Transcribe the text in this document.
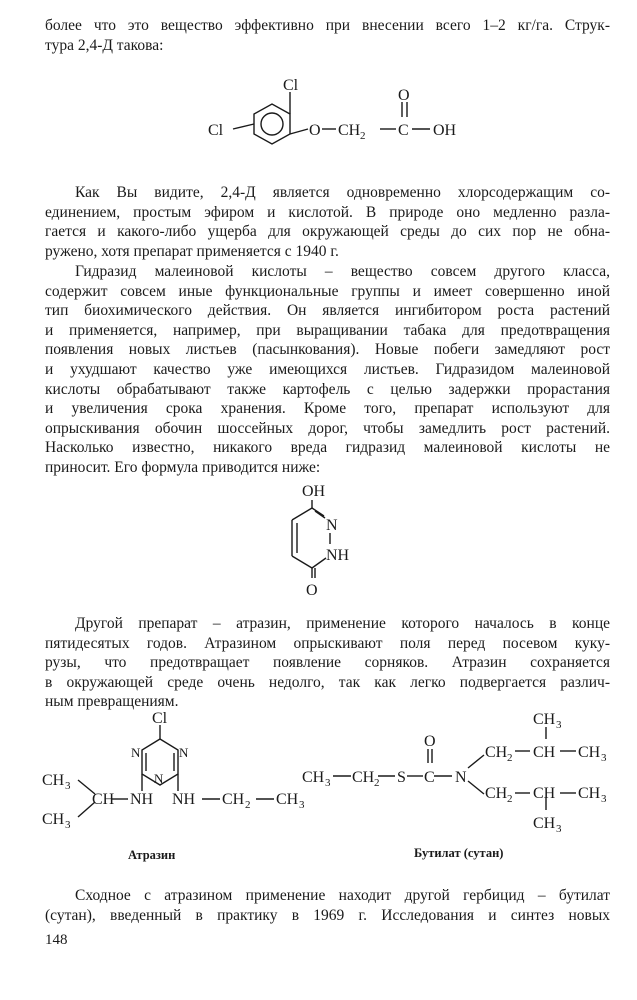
более что это вещество эффективно при внесении всего 1–2 кг/га. Струк-
тура 2,4-Д такова:
Cl
Cl	O CH 2 C
O
OH
Как Вы видите, 2,4-Д является одновременно хлорсодержащим со-
единением, простым эфиром и кислотой. В природе оно медленно разла-
гается и какого-либо ущерба для окружающей среды до сих пор не обна-
ружено, хотя препарат применяется с 1940 г.
Гидразид малеиновой кислоты – вещество совсем другого класса,
содержит совсем иные функциональные группы и имеет совершенно иной
тип биохимического действия. Он является ингибитором роста растений
и применяется, например, при выращивании табака для предотвращения
появления новых листьев (пасынкования). Новые побеги замедляют рост
и ухудшают качество уже имеющихся листьев. Гидразидом малеиновой
кислоты обрабатывают также картофель с целью задержки прорастания
и увеличения срока хранения. Кроме того, препарат используют для
опрыскивания обочин шоссейных дорог, чтобы замедлить рост растений.
Насколько известно, никакого вреда гидразид малеиновой кислоты не
приносит. Его формула приводится ниже:
OH
N
NH
O
Другой препарат – атразин, применение которого началось в конце
пятидесятых годов. Атразином опрыскивают поля перед посевом куку-
рузы, что предотвращает появление сорняков. Атразин сохраняется
в окружающей среде очень недолго, так как легко подвергается различ-
ным превращениям.
Cl
N	N
N
CH 3
CH 3
CH NH NH CH 2 CH 3
CH 3 CH 2 S C
O
N
CH 2 CH
CH 3
CH 3
CH 2 CH CH 3
CH 3
Атразин	Бутилат (сутан)
Сходное с атразином применение находит другой гербицид – бутилат
(сутан), введенный в практику в 1969 г. Исследования и синтез новых
148
